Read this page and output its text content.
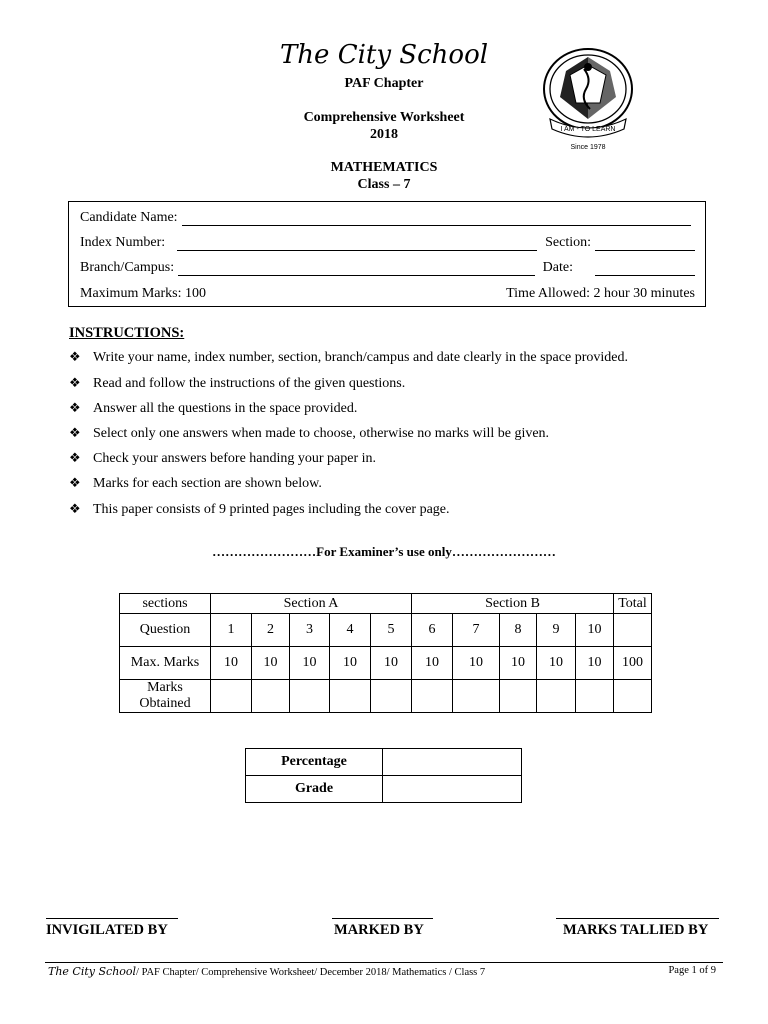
The City School
PAF Chapter
Comprehensive Worksheet
2018
MATHEMATICS
Class – 7
I AM - TO LEARN
Since 1978
Candidate Name:
Index Number:	Section:
Branch/Campus:	Date:
Maximum Marks: 100	Time Allowed: 2 hour 30 minutes
INSTRUCTIONS:
❖ Write your name, index number, section, branch/campus and date clearly in the space provided.
❖ Read and follow the instructions of the given questions.
❖ Answer all the questions in the space provided.
❖ Select only one answers when made to choose, otherwise no marks will be given.
❖ Check your answers before handing your paper in.
❖ Marks for each section are shown below.
❖ This paper consists of 9 printed pages including the cover page.
……………………For Examiner’s use only……………………
sections	Section A					Section B					Total
Question	1	2	3	4	5	6	7	8	9	10	
Max. Marks	10	10	10	10	10	10	10	10	10	10	100
Marks
Obtained											
Percentage	
Grade	
INVIGILATED BY	MARKED BY	MARKS TALLIED BY
The City School/ PAF Chapter/ Comprehensive Worksheet/ December 2018/ Mathematics / Class 7	Page 1 of 9
